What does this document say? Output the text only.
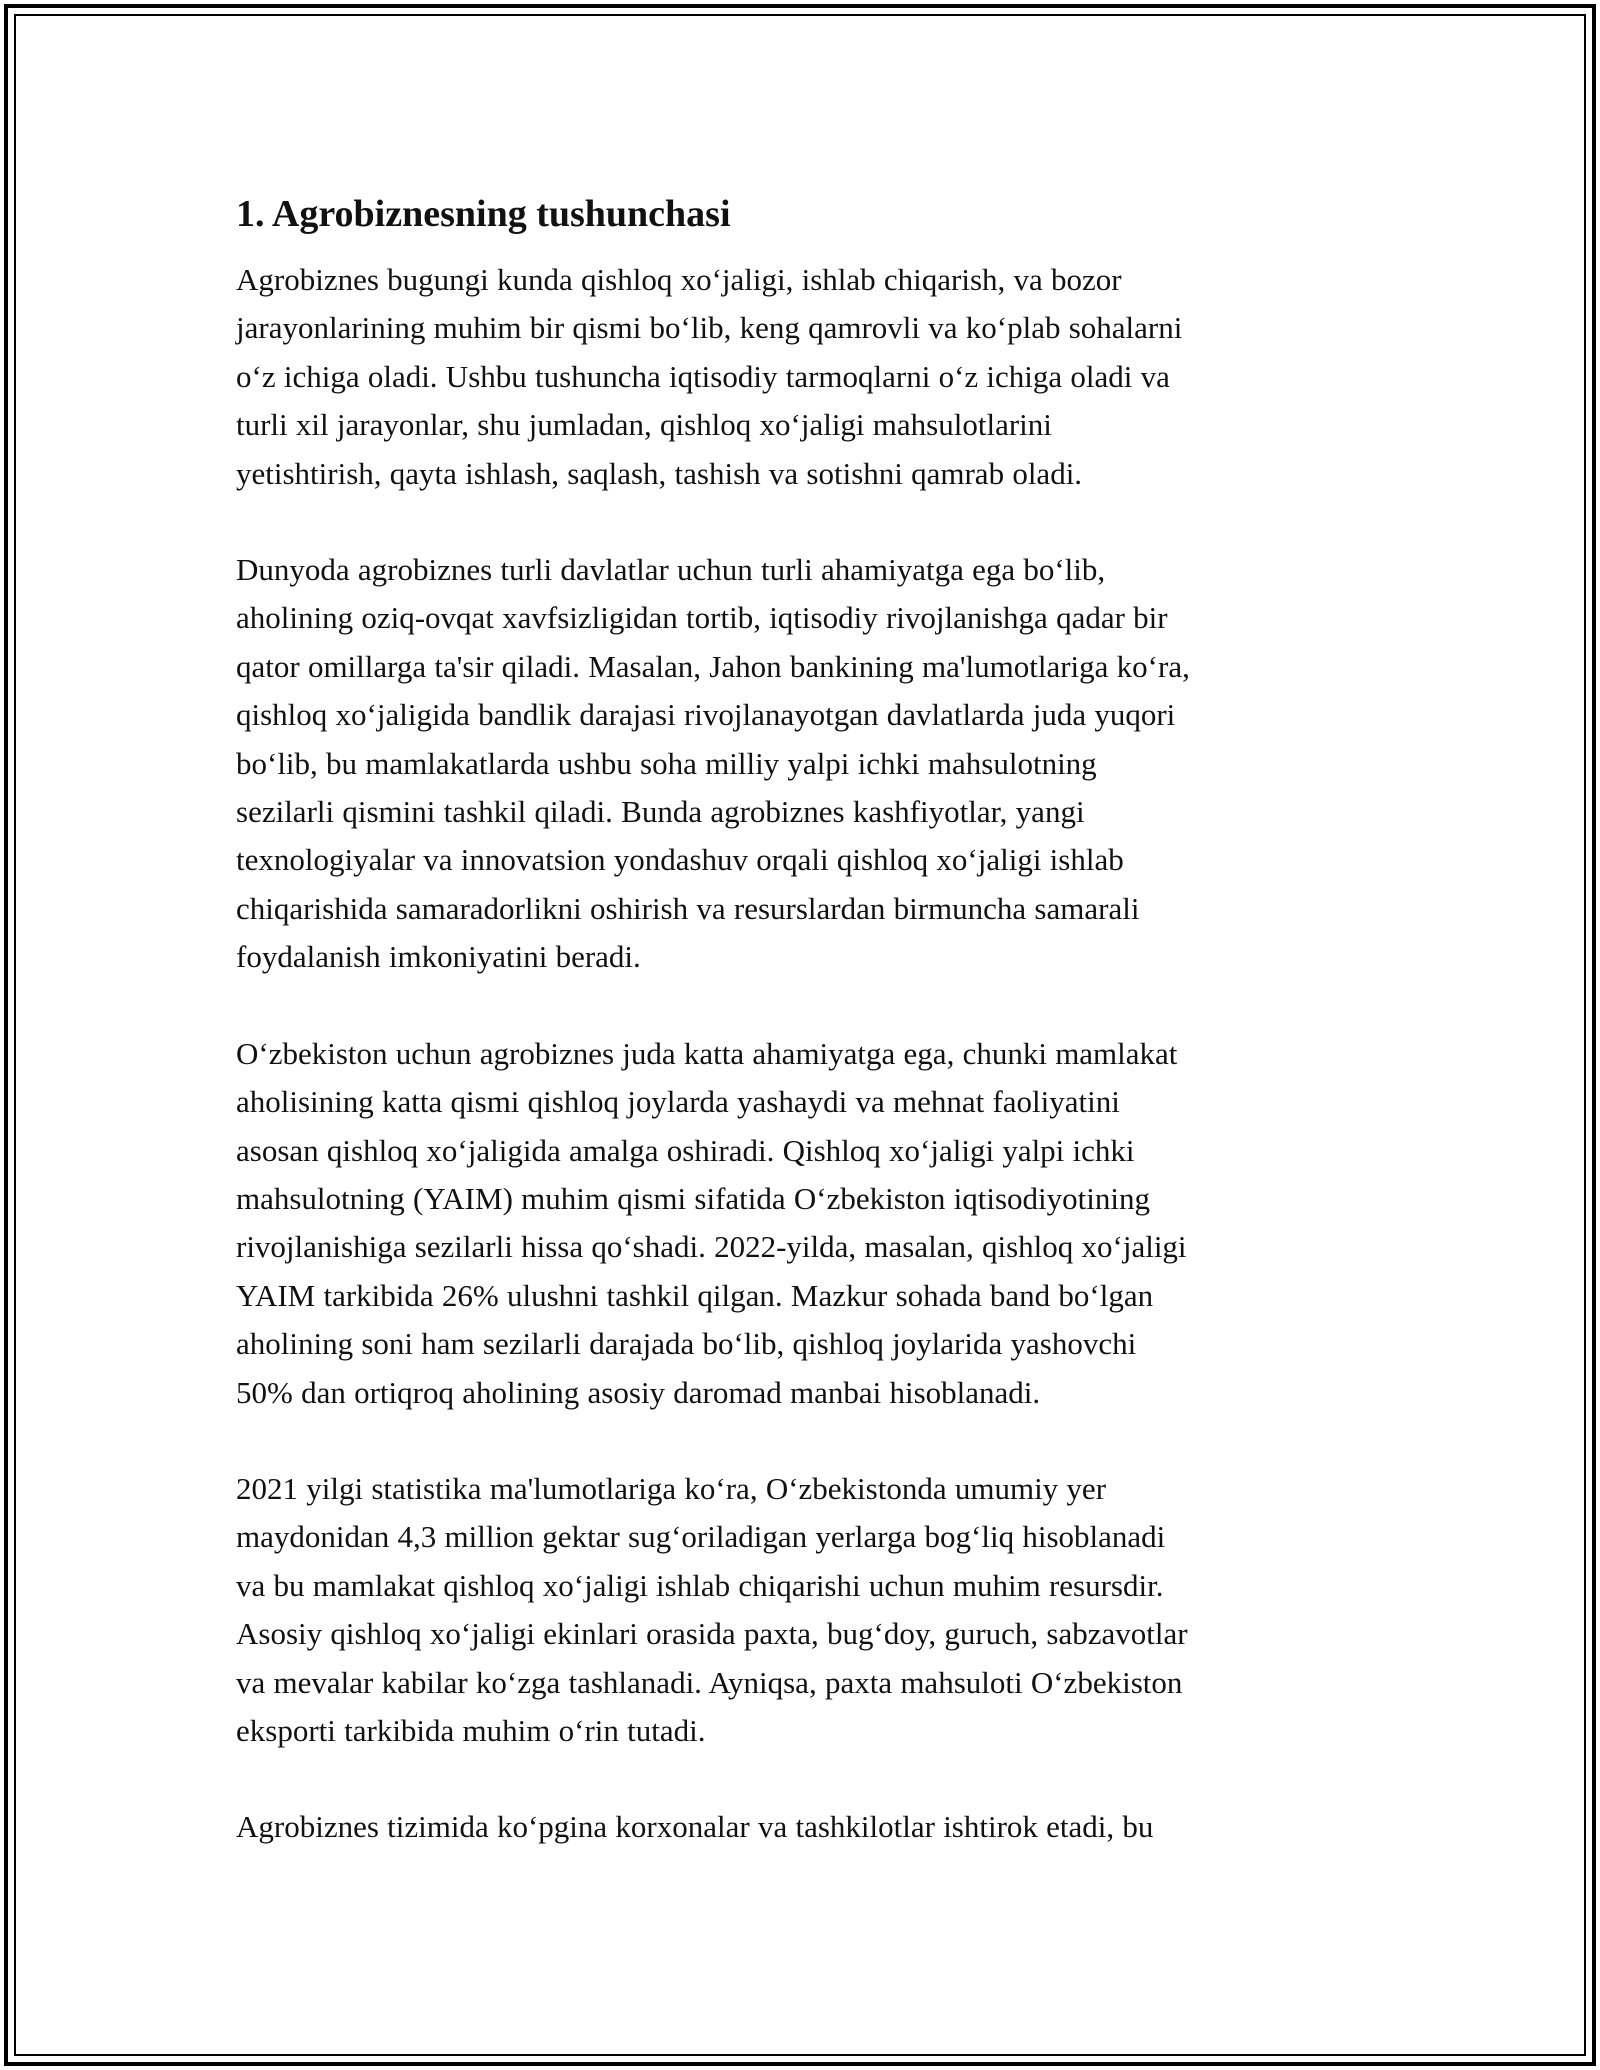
1. Agrobiznesning tushunchasi
Agrobiznes bugungi kunda qishloq xo‘jaligi, ishlab chiqarish, va bozor
jarayonlarining muhim bir qismi bo‘lib, keng qamrovli va ko‘plab sohalarni
o‘z ichiga oladi. Ushbu tushuncha iqtisodiy tarmoqlarni o‘z ichiga oladi va
turli xil jarayonlar, shu jumladan, qishloq xo‘jaligi mahsulotlarini
yetishtirish, qayta ishlash, saqlash, tashish va sotishni qamrab oladi.
Dunyoda agrobiznes turli davlatlar uchun turli ahamiyatga ega bo‘lib,
aholining oziq-ovqat xavfsizligidan tortib, iqtisodiy rivojlanishga qadar bir
qator omillarga ta'sir qiladi. Masalan, Jahon bankining ma'lumotlariga ko‘ra,
qishloq xo‘jaligida bandlik darajasi rivojlanayotgan davlatlarda juda yuqori
bo‘lib, bu mamlakatlarda ushbu soha milliy yalpi ichki mahsulotning
sezilarli qismini tashkil qiladi. Bunda agrobiznes kashfiyotlar, yangi
texnologiyalar va innovatsion yondashuv orqali qishloq xo‘jaligi ishlab
chiqarishida samaradorlikni oshirish va resurslardan birmuncha samarali
foydalanish imkoniyatini beradi.
O‘zbekiston uchun agrobiznes juda katta ahamiyatga ega, chunki mamlakat
aholisining katta qismi qishloq joylarda yashaydi va mehnat faoliyatini
asosan qishloq xo‘jaligida amalga oshiradi. Qishloq xo‘jaligi yalpi ichki
mahsulotning (YAIM) muhim qismi sifatida O‘zbekiston iqtisodiyotining
rivojlanishiga sezilarli hissa qo‘shadi. 2022-yilda, masalan, qishloq xo‘jaligi
YAIM tarkibida 26% ulushni tashkil qilgan. Mazkur sohada band bo‘lgan
aholining soni ham sezilarli darajada bo‘lib, qishloq joylarida yashovchi
50% dan ortiqroq aholining asosiy daromad manbai hisoblanadi.
2021 yilgi statistika ma'lumotlariga ko‘ra, O‘zbekistonda umumiy yer
maydonidan 4,3 million gektar sug‘oriladigan yerlarga bog‘liq hisoblanadi
va bu mamlakat qishloq xo‘jaligi ishlab chiqarishi uchun muhim resursdir.
Asosiy qishloq xo‘jaligi ekinlari orasida paxta, bug‘doy, guruch, sabzavotlar
va mevalar kabilar ko‘zga tashlanadi. Ayniqsa, paxta mahsuloti O‘zbekiston
eksporti tarkibida muhim o‘rin tutadi.
Agrobiznes tizimida ko‘pgina korxonalar va tashkilotlar ishtirok etadi, bu
